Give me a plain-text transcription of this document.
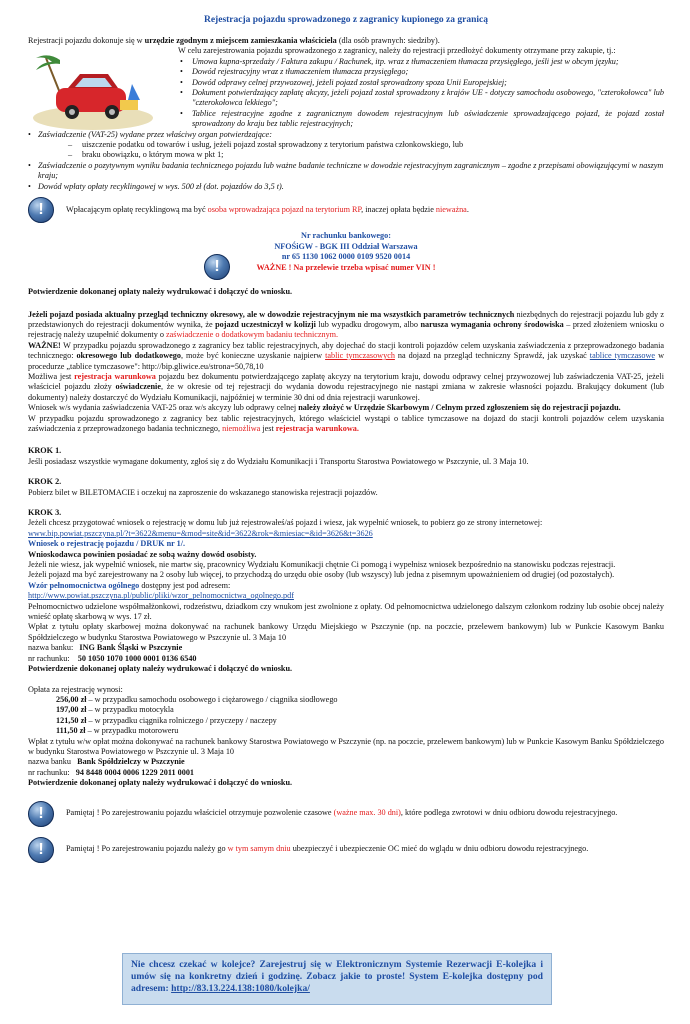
Rejestracja pojazdu sprowadzonego z zagranicy kupionego za granicą

Rejestracji pojazdu dokonuje się w urzędzie zgodnym z miejscem zamieszkania właściciela (dla osób prawnych: siedziby).

W celu zarejestrowania pojazdu sprowadzonego z zagranicy, należy do rejestracji przedłożyć dokumenty otrzymane przy zakupie, tj.:

• Umowa kupna-sprzedaży / Faktura zakupu / Rachunek, itp. wraz z tłumaczeniem tłumacza przysięgłego, jeśli jest w obcym języku;
• Dowód rejestracyjny wraz z tłumaczeniem tłumacza przysięgłego;
• Dowód odprawy celnej przywozowej, jeżeli pojazd został sprowadzony spoza Unii Europejskiej;
• Dokument potwierdzający zapłatę akcyzy, jeżeli pojazd został sprowadzony z krajów UE - dotyczy samochodu osobowego, "czterokołowca" lub "czterokołowca lekkiego";
• Tablice rejestracyjne zgodne z zagranicznym dowodem rejestracyjnym lub oświadczenie sprowadzającego pojazd, że pojazd został sprowadzony do kraju bez tablic rejestracyjnych;
• Zaświadczenie (VAT-25) wydane przez właściwy organ potwierdzające:
– uiszczenie podatku od towarów i usług, jeżeli pojazd został sprowadzony z terytorium państwa członkowskiego, lub
– braku obowiązku, o którym mowa w pkt 1;
• Zaświadczenie o pozytywnym wyniku badania technicznego pojazdu lub ważne badanie techniczne w dowodzie rejestracyjnym zagranicznym – zgodne z przepisami obowiązującymi w naszym kraju;
• Dowód wpłaty opłaty recyklingowej w wys. 500 zł (dot. pojazdów do 3,5 t).
!

Wpłacającym opłatę recyklingową ma być osoba wprowadzająca pojazd na terytorium RP, inaczej opłata będzie nieważna.

!
Nr rachunku bankowego:
NFOŚiGW - BGK III Oddział Warszawa
nr 65 1130 1062 0000 0109 9520 0014
WAŻNE ! Na przelewie trzeba wpisać numer VIN !

Potwierdzenie dokonanej opłaty należy wydrukować i dołączyć do wniosku.

Jeżeli pojazd posiada aktualny przegląd techniczny okresowy, ale w dowodzie rejestracyjnym nie ma wszystkich parametrów technicznych niezbędnych do rejestracji pojazdu lub gdy z przedstawionych do rejestracji dokumentów wynika, że pojazd uczestniczył w kolizji lub wypadku drogowym, albo narusza wymagania ochrony środowiska – przed złożeniem wniosku o rejestrację należy uzupełnić dokumenty o zaświadczenie o dodatkowym badaniu technicznym.

WAŻNE! W przypadku pojazdu sprowadzonego z zagranicy bez tablic rejestracyjnych, aby dojechać do stacji kontroli pojazdów celem uzyskania zaświadczenia z przeprowadzonego badania technicznego: okresowego lub dodatkowego, może być konieczne uzyskanie najpierw tablic tymczasowych na dojazd na przegląd techniczny Sprawdź, jak uzyskać tablice tymczasowe w procedurze „tablice tymczasowe": http://bip.gliwice.eu/strona=50,78,10

Możliwa jest rejestracja warunkowa pojazdu bez dokumentu potwierdzającego zapłatę akcyzy na terytorium kraju, dowodu odprawy celnej przywozowej lub zaświadczenia VAT-25, jeżeli właściciel pojazdu złoży oświadczenie, że w okresie od tej rejestracji do wydania dowodu rejestracyjnego nie nastąpi zmiana w zakresie własności pojazdu. Brakujący dokument (lub dokumenty) należy dostarczyć do Wydziału Komunikacji, najpóźniej w terminie 30 dni od dnia rejestracji warunkowej.

Wniosek w/s wydania zaświadczenia VAT-25 oraz w/s akcyzy lub odprawy celnej należy złożyć w Urzędzie Skarbowym / Celnym przed zgłoszeniem się do rejestracji pojazdu.

W przypadku pojazdu sprowadzonego z zagranicy bez tablic rejestracyjnych, którego właściciel wystąpi o tablice tymczasowe na dojazd do stacji kontroli pojazdów celem uzyskania zaświadczenia z przeprowadzonego badania technicznego, niemożliwa jest rejestracja warunkowa.

KROK 1.

Jeśli posiadasz wszystkie wymagane dokumenty, zgłoś się z do Wydziału Komunikacji i Transportu Starostwa Powiatowego w Pszczynie, ul. 3 Maja 10.

KROK 2.

Pobierz bilet w BILETOMACIE i oczekuj na zaproszenie do wskazanego stanowiska rejestracji pojazdów.

KROK 3.

Jeżeli chcesz przygotować wniosek o rejestrację w domu lub już rejestrowałeś/aś pojazd i wiesz, jak wypełnić wniosek, to pobierz go ze strony internetowej:

www.bip.powiat.pszczyna.pl/?t=3622&menu=&mod=site&id=3622&rok=&miesiac=&id=3626&t=3626

Wniosek o rejestrację pojazdu / DRUK nr 1/.

Wnioskodawca powinien posiadać ze sobą ważny dowód osobisty.

Jeżeli nie wiesz, jak wypełnić wniosek, nie martw się, pracownicy Wydziału Komunikacji chętnie Ci pomogą i wypełnisz wniosek bezpośrednio na stanowisku podczas rejestracji.

Jeżeli pojazd ma być zarejestrowany na 2 osoby lub więcej, to przychodzą do urzędu obie osoby (lub wszyscy) lub jedna z pisemnym upoważnieniem od drugiej (od pozostałych).

Wzór pełnomocnictwa ogólnego dostępny jest pod adresem:

http://www.powiat.pszczyna.pl/public/pliki/wzor_pelnomocnictwa_ogolnego.pdf

Pełnomocnictwo udzielone współmałżonkowi, rodzeństwu, dziadkom czy wnukom jest zwolnione z opłaty. Od pełnomocnictwa udzielonego dalszym członkom rodziny lub osobie obcej należy wnieść opłatę skarbową w wys. 17 zł.

Wpłat z tytułu opłaty skarbowej można dokonywać na rachunek bankowy Urzędu Miejskiego w Pszczynie (np. na poczcie, przelewem bankowym) lub w Punkcie Kasowym Banku Spółdzielczego w budynku Starostwa Powiatowego w Pszczynie ul. 3 Maja 10

nazwa banku: ING Bank Śląski w Pszczynie

nr rachunku: 50 1050 1070 1000 0001 0136 6540

Potwierdzenie dokonanej opłaty należy wydrukować i dołączyć do wniosku.

Opłata za rejestrację wynosi:

256,00 zł – w przypadku samochodu osobowego i ciężarowego / ciągnika siodłowego

197,00 zł – w przypadku motocykla

121,50 zł – w przypadku ciągnika rolniczego / przyczepy / naczepy

111,50 zł – w przypadku motoroweru

Wpłat z tytułu w/w opłat można dokonywać na rachunek bankowy Starostwa Powiatowego w Pszczynie (np. na poczcie, przelewem bankowym) lub w Punkcie Kasowym Banku Spółdzielczego w budynku Starostwa Powiatowego w Pszczynie ul. 3 Maja 10

nazwa banku Bank Spółdzielczy w Pszczynie

nr rachunku: 94 8448 0004 0006 1229 2011 0001

Potwierdzenie dokonanej opłaty należy wydrukować i dołączyć do wniosku.

!

Pamiętaj ! Po zarejestrowaniu pojazdu właściciel otrzymuje pozwolenie czasowe (ważne max. 30 dni), które podlega zwrotowi w dniu odbioru dowodu rejestracyjnego.

!

Pamiętaj ! Po zarejestrowaniu pojazdu należy go w tym samym dniu ubezpieczyć i ubezpieczenie OC mieć do wglądu w dniu odbioru dowodu rejestracyjnego.

Nie chcesz czekać w kolejce? Zarejestruj się w Elektronicznym Systemie Rezerwacji E-kolejka i umów się na konkretny dzień i godzinę. Zobacz jakie to proste! System E-kolejka dostępny pod adresem: http://83.13.224.138:1080/kolejka/
